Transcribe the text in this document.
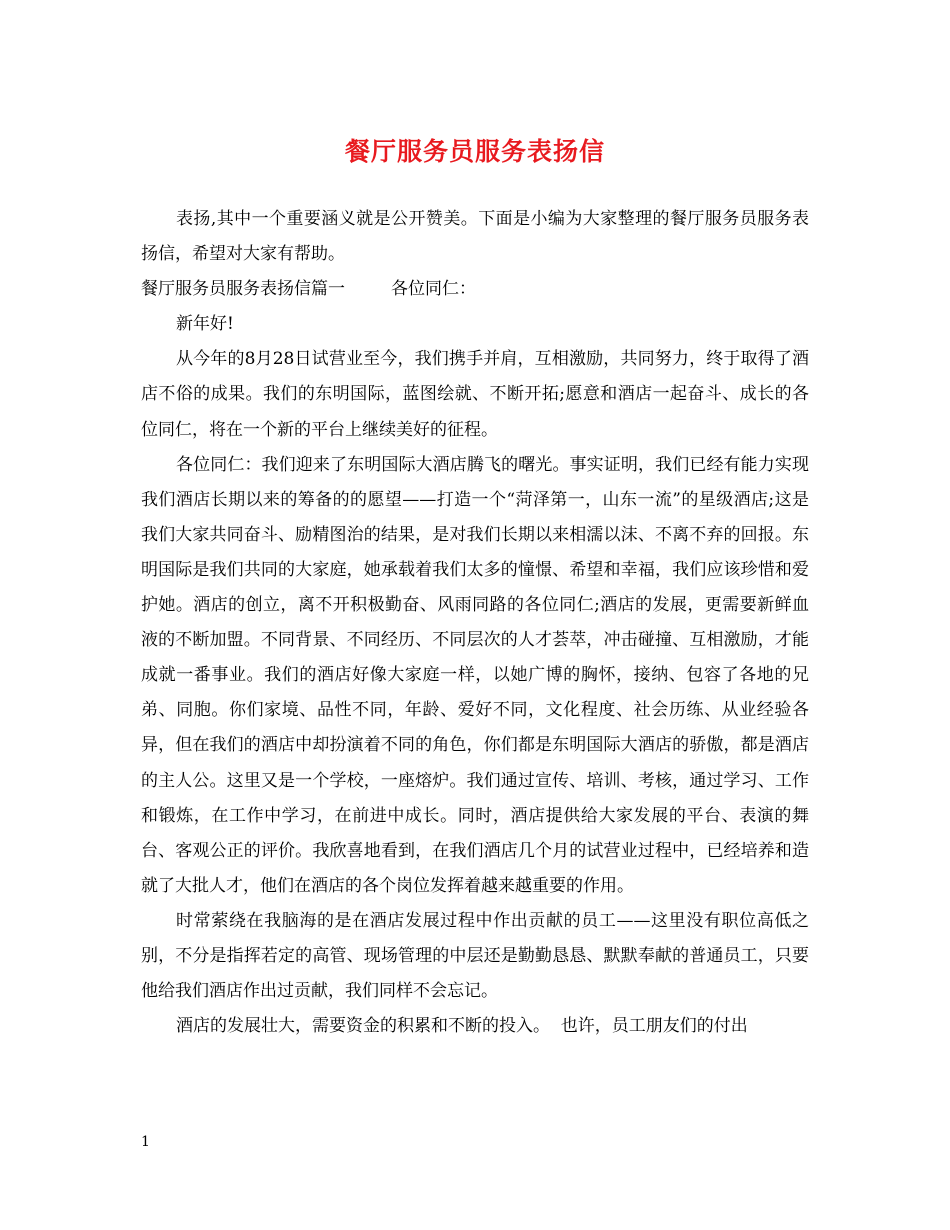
餐厅服务员服务表扬信

表扬,其中一个重要涵义就是公开赞美。下面是小编为大家整理的餐厅服务员服务表扬信，希望对大家有帮助。

餐厅服务员服务表扬信篇一	各位同仁：

新年好!

从今年的8月28日试营业至今，我们携手并肩，互相激励，共同努力，终于取得了酒店不俗的成果。我们的东明国际，蓝图绘就、不断开拓;愿意和酒店一起奋斗、成长的各位同仁，将在一个新的平台上继续美好的征程。

各位同仁：我们迎来了东明国际大酒店腾飞的曙光。事实证明，我们已经有能力实现我们酒店长期以来的筹备的的愿望——打造一个“菏泽第一，山东一流”的星级酒店;这是我们大家共同奋斗、励精图治的结果，是对我们长期以来相濡以沫、不离不弃的回报。东明国际是我们共同的大家庭，她承载着我们太多的憧憬、希望和幸福，我们应该珍惜和爱护她。酒店的创立，离不开积极勤奋、风雨同路的各位同仁;酒店的发展，更需要新鲜血液的不断加盟。不同背景、不同经历、不同层次的人才荟萃，冲击碰撞、互相激励，才能成就一番事业。我们的酒店好像大家庭一样，以她广博的胸怀，接纳、包容了各地的兄弟、同胞。你们家境、品性不同，年龄、爱好不同，文化程度、社会历练、从业经验各异，但在我们的酒店中却扮演着不同的角色，你们都是东明国际大酒店的骄傲，都是酒店的主人公。这里又是一个学校，一座熔炉。我们通过宣传、培训、考核，通过学习、工作和锻炼，在工作中学习，在前进中成长。同时，酒店提供给大家发展的平台、表演的舞台、客观公正的评价。我欣喜地看到，在我们酒店几个月的试营业过程中，已经培养和造就了大批人才，他们在酒店的各个岗位发挥着越来越重要的作用。

时常萦绕在我脑海的是在酒店发展过程中作出贡献的员工——这里没有职位高低之别，不分是指挥若定的高管、现场管理的中层还是勤勤恳恳、默默奉献的普通员工，只要他给我们酒店作出过贡献，我们同样不会忘记。

酒店的发展壮大，需要资金的积累和不断的投入。  也许，员工朋友们的付出

1
